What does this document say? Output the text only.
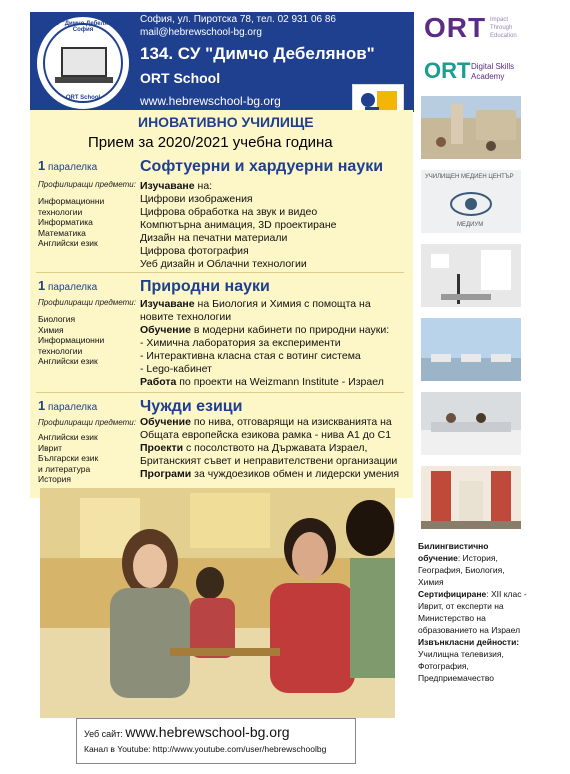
134 СУ "Димчо Дебелянов" - София
ORT School
София, ул. Пиротска 78, тел. 02 931 06 86
mail@hebrewschool-bg.org
134. СУ "Димчо Дебелянов"
ORT School
www.hebrewschool-bg.org
ORT Impact Through Education
ORT Digital Skills Academy
ИНОВАТИВНО УЧИЛИЩЕ
Прием за 2020/2021 учебна година
1 паралелка	Софтуерни и хардуерни науки
Профилиращи предмети:
Информационни
технологии
Информатика
Математика
Английски език
Изучаване на:
Цифрови изображения
Цифрова обработка на звук и видео
Компютърна анимация, 3D проектиране
Дизайн на печатни материали
Цифрова фотография
Уеб дизайн и Облачни технологии
1 паралелка	Природни науки
Профилиращи предмети:
Биология
Химия
Информационни
технологии
Английски език
Изучаване на Биология и Химия с помощта на
новите технологии
Обучение в модерни кабинети по природни науки:
- Химична лаборатория за експерименти
- Интерактивна класна стая с вотинг система
- Lego-кабинет
Работа по проекти на Weizmann Institute - Израел
1 паралелка	Чужди езици
Профилиращи предмети:
Английски език
Иврит
Български език
и литература
История
Обучение по нива, отговарящи на изискванията на
Общата европейска езикова рамка - нива А1 до С1
Проекти с посолството на Държавата Израел,
Британският съвет и неправителствени организации
Програми за чуждоезиков обмен и лидерски умения
Уеб сайт: www.hebrewschool-bg.org
Канал в Youtube: http://www.youtube.com/user/hebrewschoolbg
УЧИЛИЩЕН МЕДИЕН ЦЕНТЪР
МЕДИУМ
Билингвистично обучение: История, География, Биология, Химия
Сертифициране: XII клас - Иврит, от експерти на Министерство на образованието на Израел
Извънкласни дейности: Училищна телевизия, Фотография, Предприемачество
